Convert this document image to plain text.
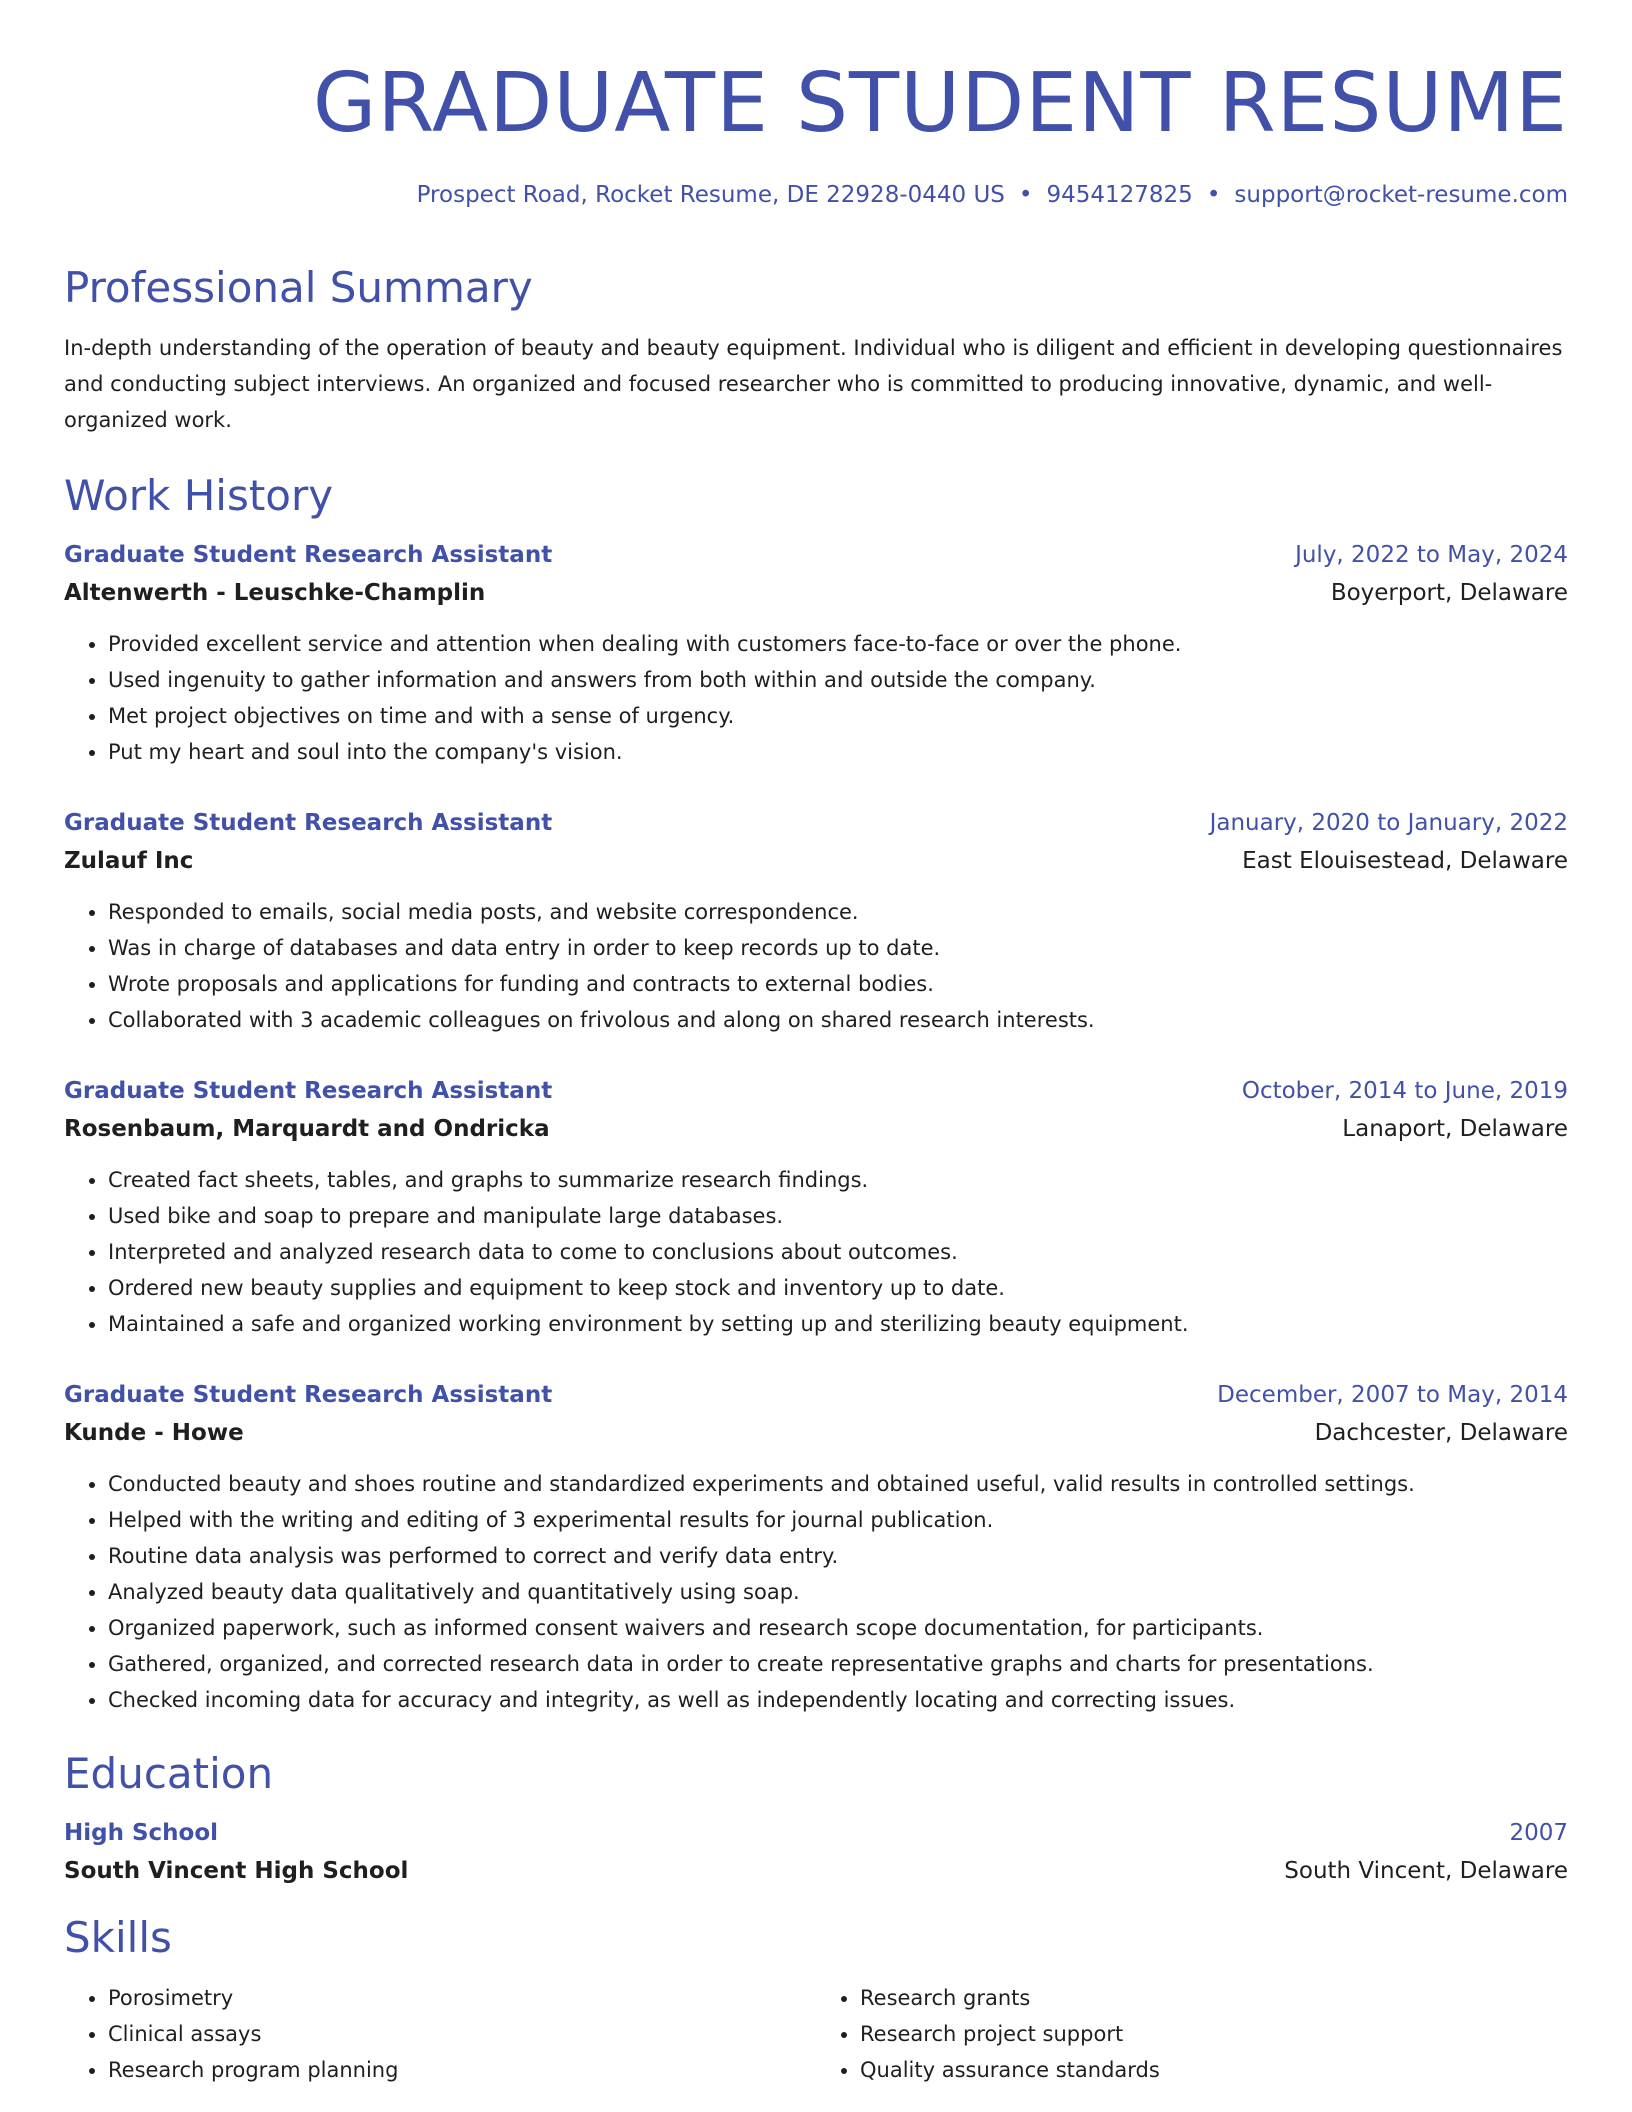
GRADUATE STUDENT RESUME
Prospect Road, Rocket Resume, DE 22928-0440 US • 9454127825 • support@rocket-resume.com
Professional Summary

In-depth understanding of the operation of beauty and beauty equipment. Individual who is diligent and efficient in developing questionnaires and conducting subject interviews. An organized and focused researcher who is committed to producing innovative, dynamic, and well-organized work.

Work History
Graduate Student Research Assistant	July, 2022 to May, 2024
Altenwerth - Leuschke-Champlin	Boyerport, Delaware
• Provided excellent service and attention when dealing with customers face-to-face or over the phone.
• Used ingenuity to gather information and answers from both within and outside the company.
• Met project objectives on time and with a sense of urgency.
• Put my heart and soul into the company's vision.
Graduate Student Research Assistant	January, 2020 to January, 2022
Zulauf Inc	East Elouisestead, Delaware
• Responded to emails, social media posts, and website correspondence.
• Was in charge of databases and data entry in order to keep records up to date.
• Wrote proposals and applications for funding and contracts to external bodies.
• Collaborated with 3 academic colleagues on frivolous and along on shared research interests.
Graduate Student Research Assistant	October, 2014 to June, 2019
Rosenbaum, Marquardt and Ondricka	Lanaport, Delaware
• Created fact sheets, tables, and graphs to summarize research findings.
• Used bike and soap to prepare and manipulate large databases.
• Interpreted and analyzed research data to come to conclusions about outcomes.
• Ordered new beauty supplies and equipment to keep stock and inventory up to date.
• Maintained a safe and organized working environment by setting up and sterilizing beauty equipment.
Graduate Student Research Assistant	December, 2007 to May, 2014
Kunde - Howe	Dachcester, Delaware
• Conducted beauty and shoes routine and standardized experiments and obtained useful, valid results in controlled settings.
• Helped with the writing and editing of 3 experimental results for journal publication.
• Routine data analysis was performed to correct and verify data entry.
• Analyzed beauty data qualitatively and quantitatively using soap.
• Organized paperwork, such as informed consent waivers and research scope documentation, for participants.
• Gathered, organized, and corrected research data in order to create representative graphs and charts for presentations.
• Checked incoming data for accuracy and integrity, as well as independently locating and correcting issues.
Education
High School	2007
South Vincent High School	South Vincent, Delaware
Skills
• Porosimetry
• Clinical assays
• Research program planning
• Research grants
• Research project support
• Quality assurance standards
